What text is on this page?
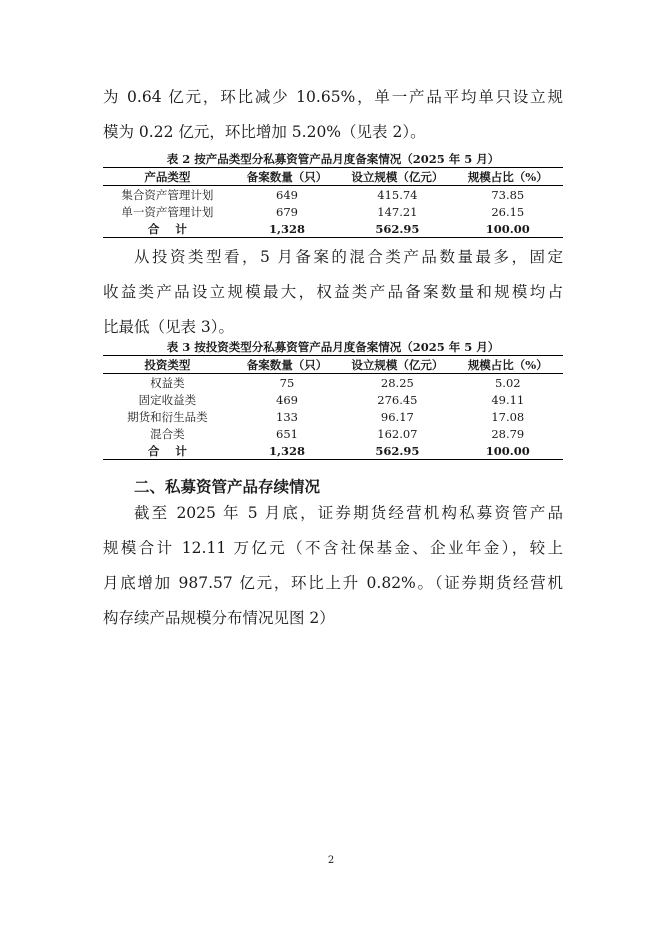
为 0.64 亿元，环比减少 10.65%，单一产品平均单只设立规
模为 0.22 亿元，环比增加 5.20%（见表 2）。

表 2 按产品类型分私募资管产品月度备案情况（2025 年 5 月）

产品类型	备案数量（只）	设立规模（亿元）	规模占比（%）
集合资产管理计划	649	415.74	73.85
单一资产管理计划	679	147.21	26.15
合    计	1,328	562.95	100.00
从投资类型看，5 月备案的混合类产品数量最多，固定
收益类产品设立规模最大，权益类产品备案数量和规模均占
比最低（见表 3）。

表 3 按投资类型分私募资管产品月度备案情况（2025 年 5 月）

投资类型	备案数量（只）	设立规模（亿元）	规模占比（%）
权益类	75	28.25	5.02
固定收益类	469	276.45	49.11
期货和衍生品类	133	96.17	17.08
混合类	651	162.07	28.79
合    计	1,328	562.95	100.00

二、私募资管产品存续情况

截至 2025 年 5 月底，证券期货经营机构私募资管产品
规模合计 12.11 万亿元（不含社保基金、企业年金），较上
月底增加 987.57 亿元，环比上升 0.82%。（证券期货经营机
构存续产品规模分布情况见图 2）
2
